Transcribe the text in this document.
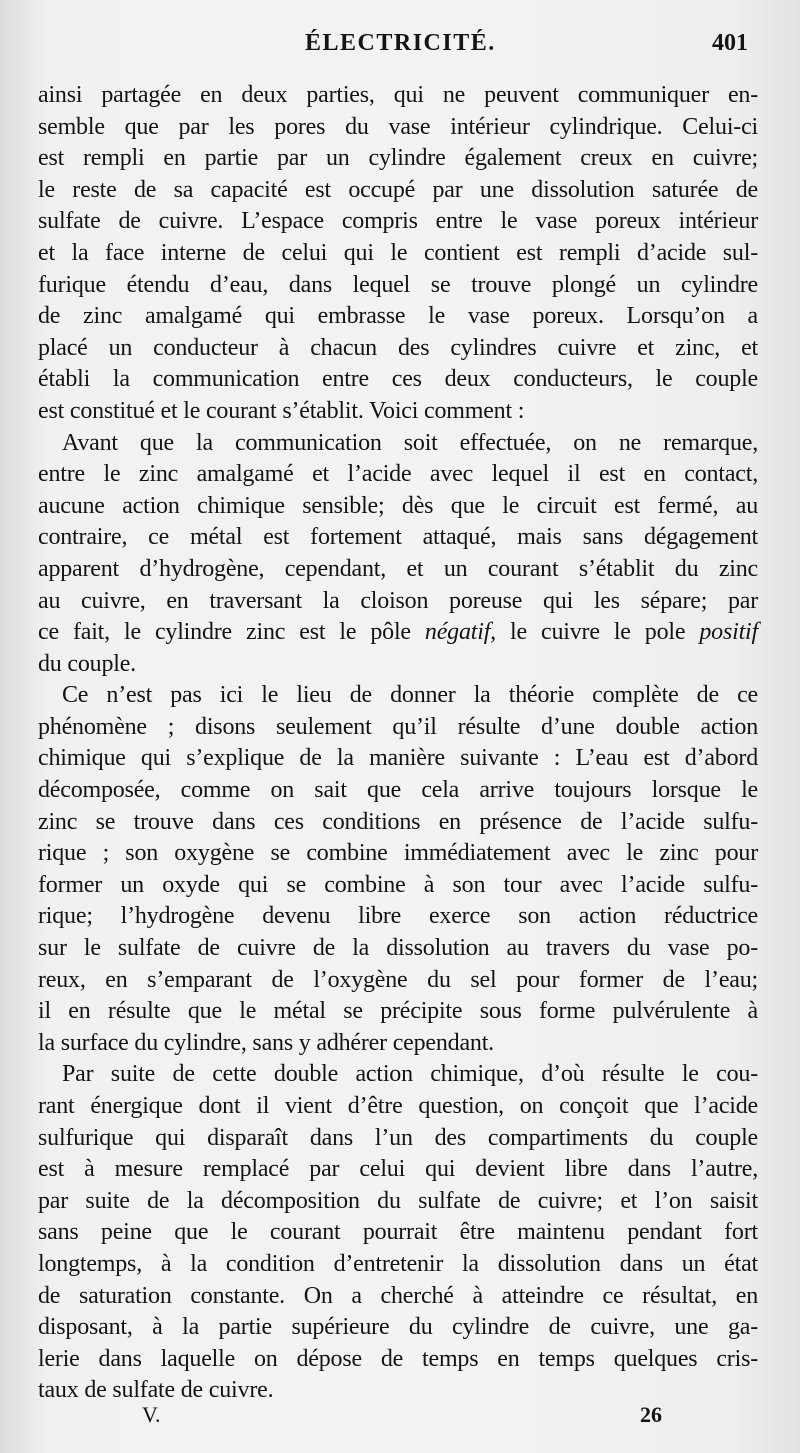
ÉLECTRICITÉ.	401
ainsi partagée en deux parties, qui ne peuvent communiquer en-
semble que par les pores du vase intérieur cylindrique. Celui-ci
est rempli en partie par un cylindre également creux en cuivre;
le reste de sa capacité est occupé par une dissolution saturée de
sulfate de cuivre. L’espace compris entre le vase poreux intérieur
et la face interne de celui qui le contient est rempli d’acide sul-
furique étendu d’eau, dans lequel se trouve plongé un cylindre
de zinc amalgamé qui embrasse le vase poreux. Lorsqu’on a
placé un conducteur à chacun des cylindres cuivre et zinc, et
établi la communication entre ces deux conducteurs, le couple
est constitué et le courant s’établit. Voici comment :
Avant que la communication soit effectuée, on ne remarque,
entre le zinc amalgamé et l’acide avec lequel il est en contact,
aucune action chimique sensible; dès que le circuit est fermé, au
contraire, ce métal est fortement attaqué, mais sans dégagement
apparent d’hydrogène, cependant, et un courant s’établit du zinc
au cuivre, en traversant la cloison poreuse qui les sépare; par
ce fait, le cylindre zinc est le pôle négatif, le cuivre le pole positif
du couple.
Ce n’est pas ici le lieu de donner la théorie complète de ce
phénomène ; disons seulement qu’il résulte d’une double action
chimique qui s’explique de la manière suivante : L’eau est d’abord
décomposée, comme on sait que cela arrive toujours lorsque le
zinc se trouve dans ces conditions en présence de l’acide sulfu-
rique ; son oxygène se combine immédiatement avec le zinc pour
former un oxyde qui se combine à son tour avec l’acide sulfu-
rique; l’hydrogène devenu libre exerce son action réductrice
sur le sulfate de cuivre de la dissolution au travers du vase po-
reux, en s’emparant de l’oxygène du sel pour former de l’eau;
il en résulte que le métal se précipite sous forme pulvérulente à
la surface du cylindre, sans y adhérer cependant.
Par suite de cette double action chimique, d’où résulte le cou-
rant énergique dont il vient d’être question, on conçoit que l’acide
sulfurique qui disparaît dans l’un des compartiments du couple
est à mesure remplacé par celui qui devient libre dans l’autre,
par suite de la décomposition du sulfate de cuivre; et l’on saisit
sans peine que le courant pourrait être maintenu pendant fort
longtemps, à la condition d’entretenir la dissolution dans un état
de saturation constante. On a cherché à atteindre ce résultat, en
disposant, à la partie supérieure du cylindre de cuivre, une ga-
lerie dans laquelle on dépose de temps en temps quelques cris-
taux de sulfate de cuivre.
V.	26
